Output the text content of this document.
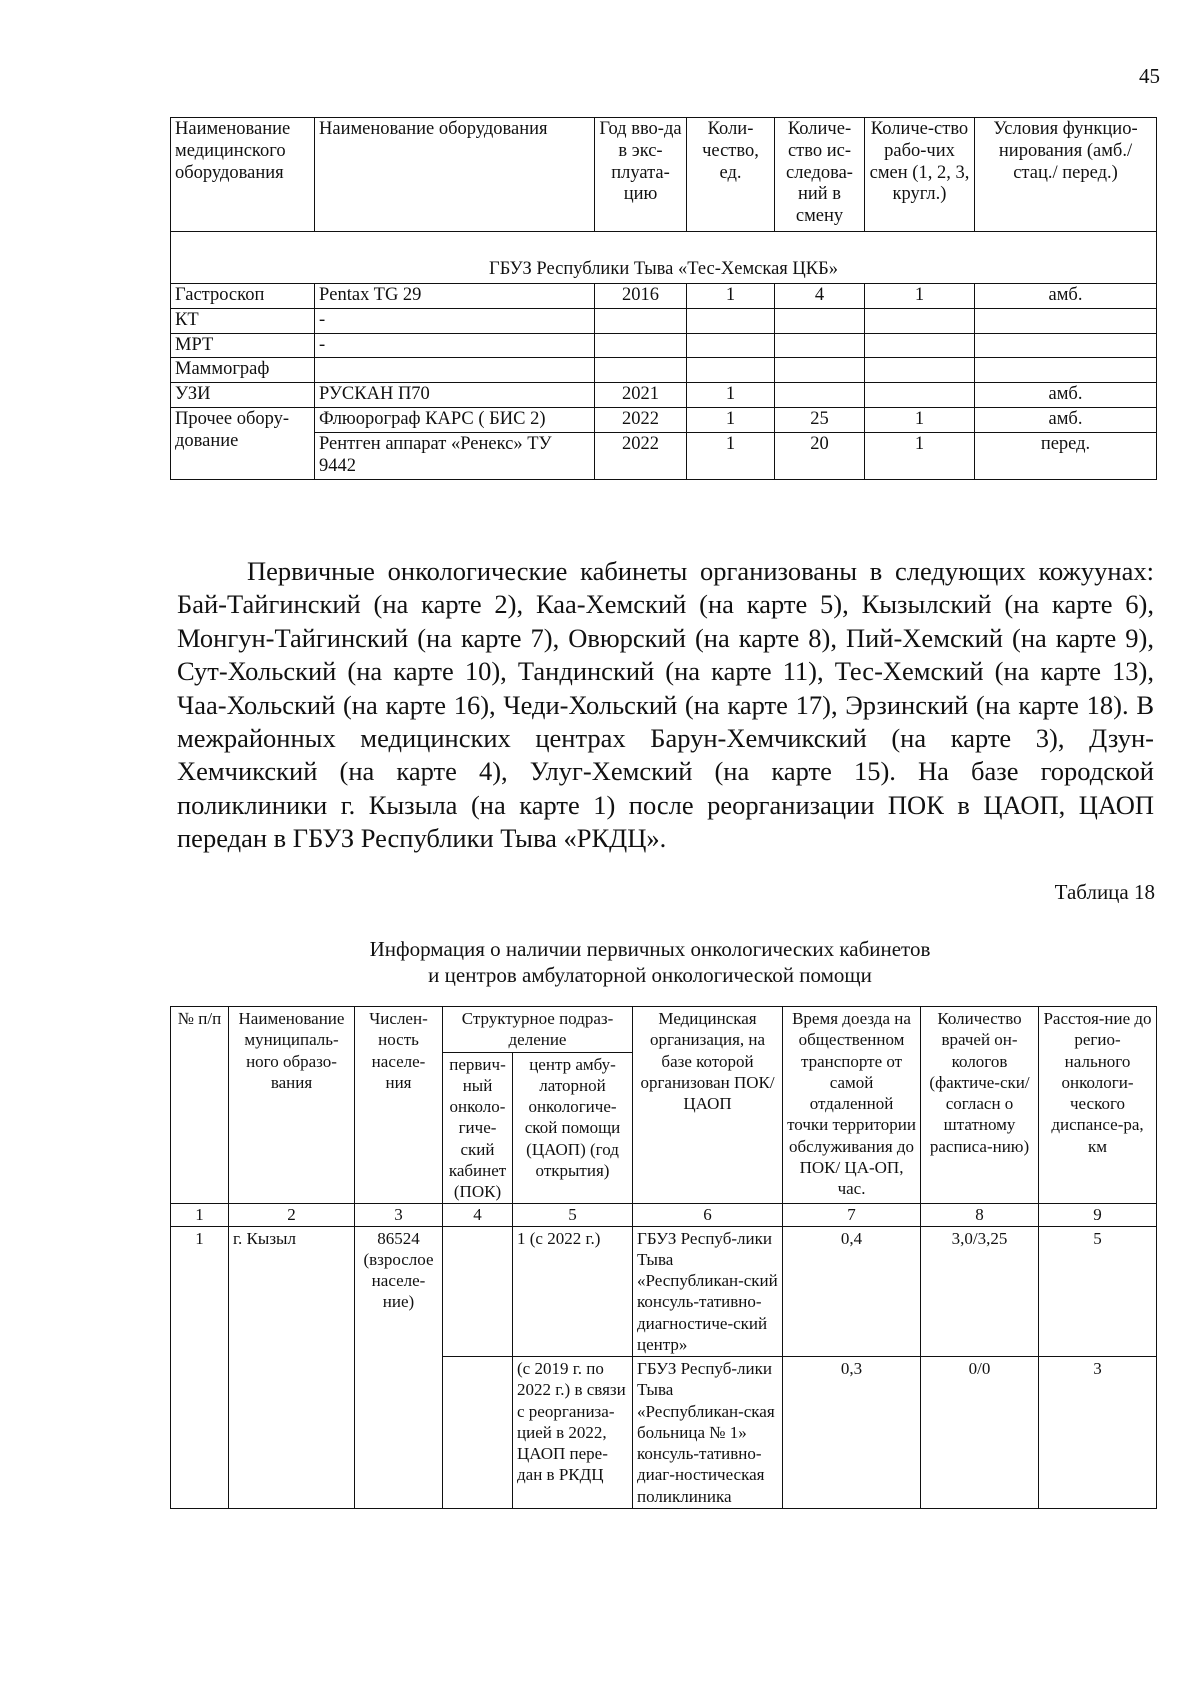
45
Наименование медицинского оборудования	Наименование оборудования	Год вво-да в экс-плуата-цию	Коли-чество, ед.	Количе-ство ис-следова-ний в смену	Количе-ство рабо-чих смен (1, 2, 3, кругл.)	Условия функцио-нирования (амб./стац./ перед.)
ГБУЗ Республики Тыва «Тес-Хемская ЦКБ»						
Гастроскоп	Pentax TG 29	2016	1	4	1	амб.
КТ	-					
МРТ	-					
Маммограф						
УЗИ	РУСКАН П70	2021	1			амб.
Прочее обору-дование	Флюорограф КАРС ( БИС 2)	2022	1	25	1	амб.
	Рентген аппарат «Ренекс» ТУ 9442	2022	1	20	1	перед.

Первичные онкологические кабинеты организованы в следующих кожуунах: Бай-Тайгинский (на карте 2), Каа-Хемский (на карте 5), Кызылский (на карте 6), Монгун-Тайгинский (на карте 7), Овюрский (на карте 8), Пий-Хемский (на карте 9), Сут-Хольский (на карте 10), Тандинский (на карте 11), Тес-Хемский (на карте 13), Чаа-Хольский (на карте 16), Чеди-Хольский (на карте 17), Эрзинский (на карте 18). В межрайонных медицинских центрах Барун-Хемчикский (на карте 3), Дзун-Хемчикский (на карте 4), Улуг-Хемский (на карте 15). На базе городской поликлиники г. Кызыла (на карте 1) после реорганизации ПОК в ЦАОП, ЦАОП передан в ГБУЗ Республики Тыва «РКДЦ».

Таблица 18
Информация о наличии первичных онкологических кабинетов
и центров амбулаторной онкологической помощи
№ п/п	Наименование муниципаль-ного образо-вания	Числен-ность населе-ния	Структурное подраз-деление		Медицинская организация, на базе которой организован ПОК/ЦАОП	Время доезда на общественном транспорте от самой отдаленной точки территории обслуживания до ПОК/ ЦА-ОП, час.	Количество врачей он-кологов (фактиче-ски/согласн о штатному расписа-нию)	Расстоя-ние до регио-нального онкологи-ческого диспансе-ра, км
			первич-ный онколо-гиче-ский кабинет (ПОК)	центр амбу-латорной онкологиче-ской помощи (ЦАОП) (год открытия)				
1	2	3	4	5	6	7	8	9
1	г. Кызыл	86524 (взрослое населе-ние)		1 (с 2022 г.)	ГБУЗ Респуб-лики Тыва «Республикан-ский консуль-тативно-диагностиче-ский центр»	0,4	3,0/3,25	5
				(с 2019 г. по 2022 г.) в связи с реорганиза-цией в 2022, ЦАОП пере-дан в РКДЦ	ГБУЗ Респуб-лики Тыва «Республикан-ская больница № 1» консуль-тативно-диаг-ностическая поликлиника	0,3	0/0	3
